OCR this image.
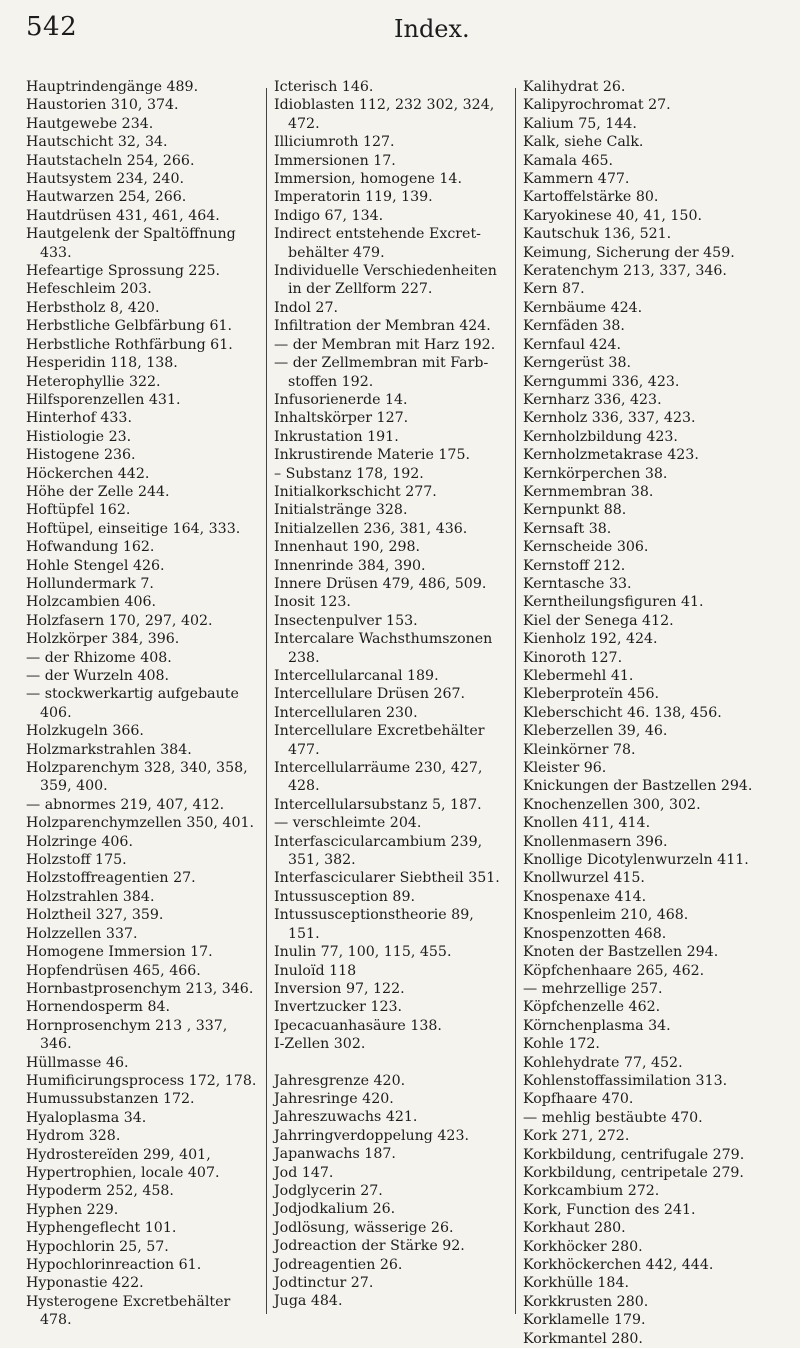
542	Index.
Hauptrindengänge 489.
Haustorien 310, 374.
Hautgewebe 234.
Hautschicht 32, 34.
Hautstacheln 254, 266.
Hautsystem 234, 240.
Hautwarzen 254, 266.
Hautdrüsen 431, 461, 464.
Hautgelenk der Spaltöffnung 433.
Hefeartige Sprossung 225.
Hefeschleim 203.
Herbstholz 8, 420.
Herbstliche Gelbfärbung 61.
Herbstliche Rothfärbung 61.
Hesperidin 118, 138.
Heterophyllie 322.
Hilfsporenzellen 431.
Hinterhof 433.
Histiologie 23.
Histogene 236.
Höckerchen 442.
Höhe der Zelle 244.
Hoftüpfel 162.
Hoftüpel, einseitige 164, 333.
Hofwandung 162.
Hohle Stengel 426.
Hollundermark 7.
Holzcambien 406.
Holzfasern 170, 297, 402.
Holzkörper 384, 396.
— der Rhizome 408.
— der Wurzeln 408.
— stockwerkartig aufgebaute 406.
Holzkugeln 366.
Holzmarkstrahlen 384.
Holzparenchym 328, 340, 358, 359, 400.
— abnormes 219, 407, 412.
Holzparenchymzellen 350, 401.
Holzringe 406.
Holzstoff 175.
Holzstoffreagentien 27.
Holzstrahlen 384.
Holztheil 327, 359.
Holzzellen 337.
Homogene Immersion 17.
Hopfendrüsen 465, 466.
Hornbastprosenchym 213, 346.
Hornendosperm 84.
Hornprosenchym 213 , 337, 346.
Hüllmasse 46.
Humificirungsprocess 172, 178.
Humussubstanzen 172.
Hyaloplasma 34.
Hydrom 328.
Hydrostereïden 299, 401,
Hypertrophien, locale 407.
Hypoderm 252, 458.
Hyphen 229.
Hyphengeflecht 101.
Hypochlorin 25, 57.
Hypochlorinreaction 61.
Hyponastie 422.
Hysterogene Excretbehälter 478.
Icterisch 146.
Idioblasten 112, 232 302, 324, 472.
Illiciumroth 127.
Immersionen 17.
Immersion, homogene 14.
Imperatorin 119, 139.
Indigo 67, 134.
Indirect entstehende Excret-behälter 479.
Individuelle Verschiedenheiten in der Zellform 227.
Indol 27.
Infiltration der Membran 424.
— der Membran mit Harz 192.
— der Zellmembran mit Farb-stoffen 192.
Infusorienerde 14.
Inhaltskörper 127.
Inkrustation 191.
Inkrustirende Materie 175.
– Substanz 178, 192.
Initialkorkschicht 277.
Initialstränge 328.
Initialzellen 236, 381, 436.
Innenhaut 190, 298.
Innenrinde 384, 390.
Innere Drüsen 479, 486, 509.
Inosit 123.
Insectenpulver 153.
Intercalare Wachsthumszonen 238.
Intercellularcanal 189.
Intercellulare Drüsen 267.
Intercellularen 230.
Intercellulare Excretbehälter 477.
Intercellularräume 230, 427, 428.
Intercellularsubstanz 5, 187.
— verschleimte 204.
Interfascicularcambium 239, 351, 382.
Interfascicularer Siebtheil 351.
Intussusception 89.
Intussusceptionstheorie 89, 151.
Inulin 77, 100, 115, 455.
Inuloïd 118
Inversion 97, 122.
Invertzucker 123.
Ipecacuanhasäure 138.
I-Zellen 302.
Jahresgrenze 420.
Jahresringe 420.
Jahreszuwachs 421.
Jahrringverdoppelung 423.
Japanwachs 187.
Jod 147.
Jodglycerin 27.
Jodjodkalium 26.
Jodlösung, wässerige 26.
Jodreaction der Stärke 92.
Jodreagentien 26.
Jodtinctur 27.
Juga 484.
Kalihydrat 26.
Kalipyrochromat 27.
Kalium 75, 144.
Kalk, siehe Calk.
Kamala 465.
Kammern 477.
Kartoffelstärke 80.
Karyokinese 40, 41, 150.
Kautschuk 136, 521.
Keimung, Sicherung der 459.
Keratenchym 213, 337, 346.
Kern 87.
Kernbäume 424.
Kernfäden 38.
Kernfaul 424.
Kerngerüst 38.
Kerngummi 336, 423.
Kernharz 336, 423.
Kernholz 336, 337, 423.
Kernholzbildung 423.
Kernholzmetakrase 423.
Kernkörperchen 38.
Kernmembran 38.
Kernpunkt 88.
Kernsaft 38.
Kernscheide 306.
Kernstoff 212.
Kerntasche 33.
Kerntheilungsfiguren 41.
Kiel der Senega 412.
Kienholz 192, 424.
Kinoroth 127.
Klebermehl 41.
Kleberproteïn 456.
Kleberschicht 46. 138, 456.
Kleberzellen 39, 46.
Kleinkörner 78.
Kleister 96.
Knickungen der Bastzellen 294.
Knochenzellen 300, 302.
Knollen 411, 414.
Knollenmasern 396.
Knollige Dicotylenwurzeln 411.
Knollwurzel 415.
Knospenaxe 414.
Knospenleim 210, 468.
Knospenzotten 468.
Knoten der Bastzellen 294.
Köpfchenhaare 265, 462.
— mehrzellige 257.
Köpfchenzelle 462.
Körnchenplasma 34.
Kohle 172.
Kohlehydrate 77, 452.
Kohlenstoffassimilation 313.
Kopfhaare 470.
— mehlig bestäubte 470.
Kork 271, 272.
Korkbildung, centrifugale 279.
Korkbildung, centripetale 279.
Korkcambium 272.
Kork, Function des 241.
Korkhaut 280.
Korkhöcker 280.
Korkhöckerchen 442, 444.
Korkhülle 184.
Korkkrusten 280.
Korklamelle 179.
Korkmantel 280.
